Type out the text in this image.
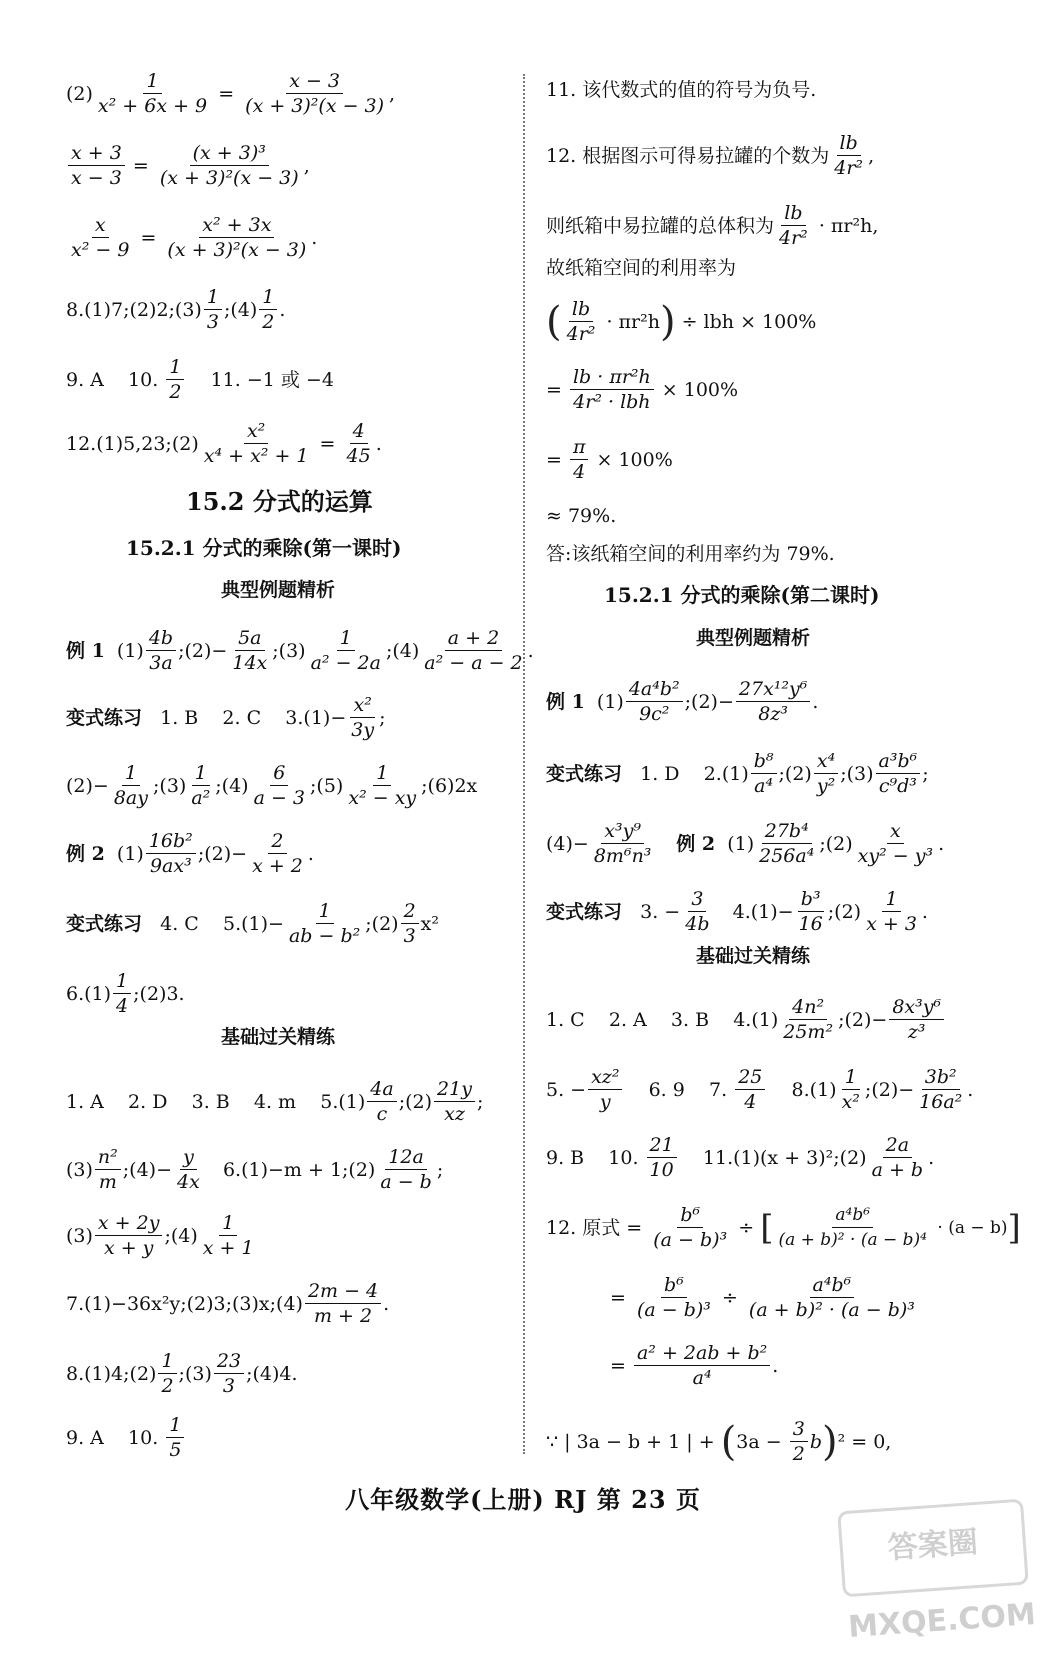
$(2) \frac{1}{\text{x² + 6x + 9}} = \frac{x - 3}{\text{(x + 3)²(x − 3)}}$ ,
$\frac{x + 3}{x - 3} = \frac{\text{(x + 3)³}}{\text{(x + 3)²(x − 3)}}$ ,
$\frac{x}{\text{x² − 9}} = \frac{\text{x² + 3x}}{\text{(x + 3)²(x − 3)}}$ .
8.(1)7;(2)2;(3) $\frac{1}{3}$ ;(4) $\frac{1}{2}$ .
9. A    10. $\frac{1}{2} 11$. −1 或 −4
12.(1)5,23;(2) $\frac{\text{x²}}{\text{x⁴ + x² + 1}} = \frac{4}{45}$ .
15.2 分式的运算
15.2.1 分式的乘除(第一课时)
典型例题精析
例 1 $(1) \frac{4b}{3a}$ ;(2)− $\frac{5a}{14x}$ ;(3) $\frac{1}{\text{a² − 2a}}$ ;(4) $\frac{a + 2}{\text{a² − a − 2}}$ .
变式练习 1. B    2. C    $3.(1)- \frac{\text{x²}}{3y}$ ;
$(2)- \frac{1}{8ay}$ ;(3) $\frac{1}{\text{a²}}$ ;(4) $\frac{6}{a - 3}$ ;(5) $\frac{1}{\text{x² − xy}}$ ;(6)2x
例 2 $(1) \frac{\text{16b²}}{\text{9ax³}}$ ;(2)− $\frac{2}{x + 2}$ .
变式练习 4. C    $5.(1)- \frac{1}{\text{ab − b²}}$ ;(2) $\frac{2}{3} x^2$
$6.(1) \frac{1}{4}$ ;(2)3.
基础过关精练
1. A    2. D    3. B    4. m    $5.(1) \frac{4a}{c}$ ;(2) $\frac{21y}{xz}$ ;
$(3) \frac{\text{n²}}{m}$ ;(4)− $\frac{y}{4x} 6.(1)-m$ + 1;(2) $\frac{12a}{a - b}$ ;
$(3) \frac{x + 2y}{x + y}$ ;(4) $\frac{1}{x + 1}$
7.(1)−36x²y;(2)3;(3)x;(4) $\frac{2m - 4}{m + 2}$ .
8.(1)4;(2) $\frac{1}{2}$ ;(3) $\frac{23}{3}$ ;(4)4.
9. A    10. $\frac{1}{5}$
11. 该代数式的值的符号为负号.
12. 根据图示可得易拉罐的个数为 $\frac{lb}{\text{4r²}}$ ,
则纸箱中易拉罐的总体积为 $\frac{lb}{\text{4r²}} \cdot \pi r^2h$,
故纸箱空间的利用率为
( $\frac{lb}{\text{4r²}} \cdot \pi r^2h$ ) ÷ lbh × 100%
= $\frac{\text{lb · πr²h}}{\text{4r² · lbh}} \times 100\%$
= $\frac{\pi}{4} \times 100\%$
≈ 79%.
答:该纸箱空间的利用率约为 79%.
15.2.1 分式的乘除(第二课时)
典型例题精析
例 1 $(1) \frac{\text{4a⁴b²}}{\text{9c²}}$ ;(2)− $\frac{\text{27x¹²y⁶}}{\text{8z³}}$ .
变式练习 1. D    $2.(1) \frac{\text{b⁸}}{\text{a⁴}}$ ;(2) $\frac{\text{x⁴}}{\text{y²}}$ ;(3) $\frac{\text{a³b⁶}}{\text{c⁹d³}}$ ;
$(4)- \frac{\text{x³y⁹}}{\text{8m⁶n³}}$ 例 2 $(1) \frac{\text{27b⁴}}{\text{256a⁴}}$ ;(2) $\frac{x}{\text{xy² − y³}}$ .
变式练习 3. − $\frac{3}{4b} 4.(1)- \frac{\text{b³}}{16}$ ;(2) $\frac{1}{x + 3}$ .
基础过关精练
1. C    2. A    3. B    $4.(1) \frac{\text{4n²}}{\text{25m²}}$ ;(2)− $\frac{\text{8x³y⁶}}{\text{z³}}$
5. − $\frac{\text{xz²}}{y} 6$. 9    7. $\frac{25}{4} 8.(1) \frac{1}{\text{x²}}$ ;(2)− $\frac{\text{3b²}}{\text{16a²}}$ .
9. B    10. $\frac{21}{10} 11.(1)(x$ + 3)²;(2) $\frac{2a}{a + b}$ .
12. 原式 = $\frac{\text{b⁶}}{\text{(a − b)³}}$ ÷ [ $\frac{\text{a⁴b⁶}}{\text{(a + b)² · (a − b)⁴}} \cdot (a - b)$ ]
= $\frac{\text{b⁶}}{\text{(a − b)³}} \div \frac{\text{a⁴b⁶}}{\text{(a + b)² · (a − b)³}}$
= $\frac{\text{a² + 2ab + b²}}{\text{a⁴}}$ .
∵ | 3a − b + 1 | + ( $3a - \frac{3}{2}$ b ) ² = 0,
八年级数学(上册) RJ 第 23 页
答案圈 MXQE.COM
